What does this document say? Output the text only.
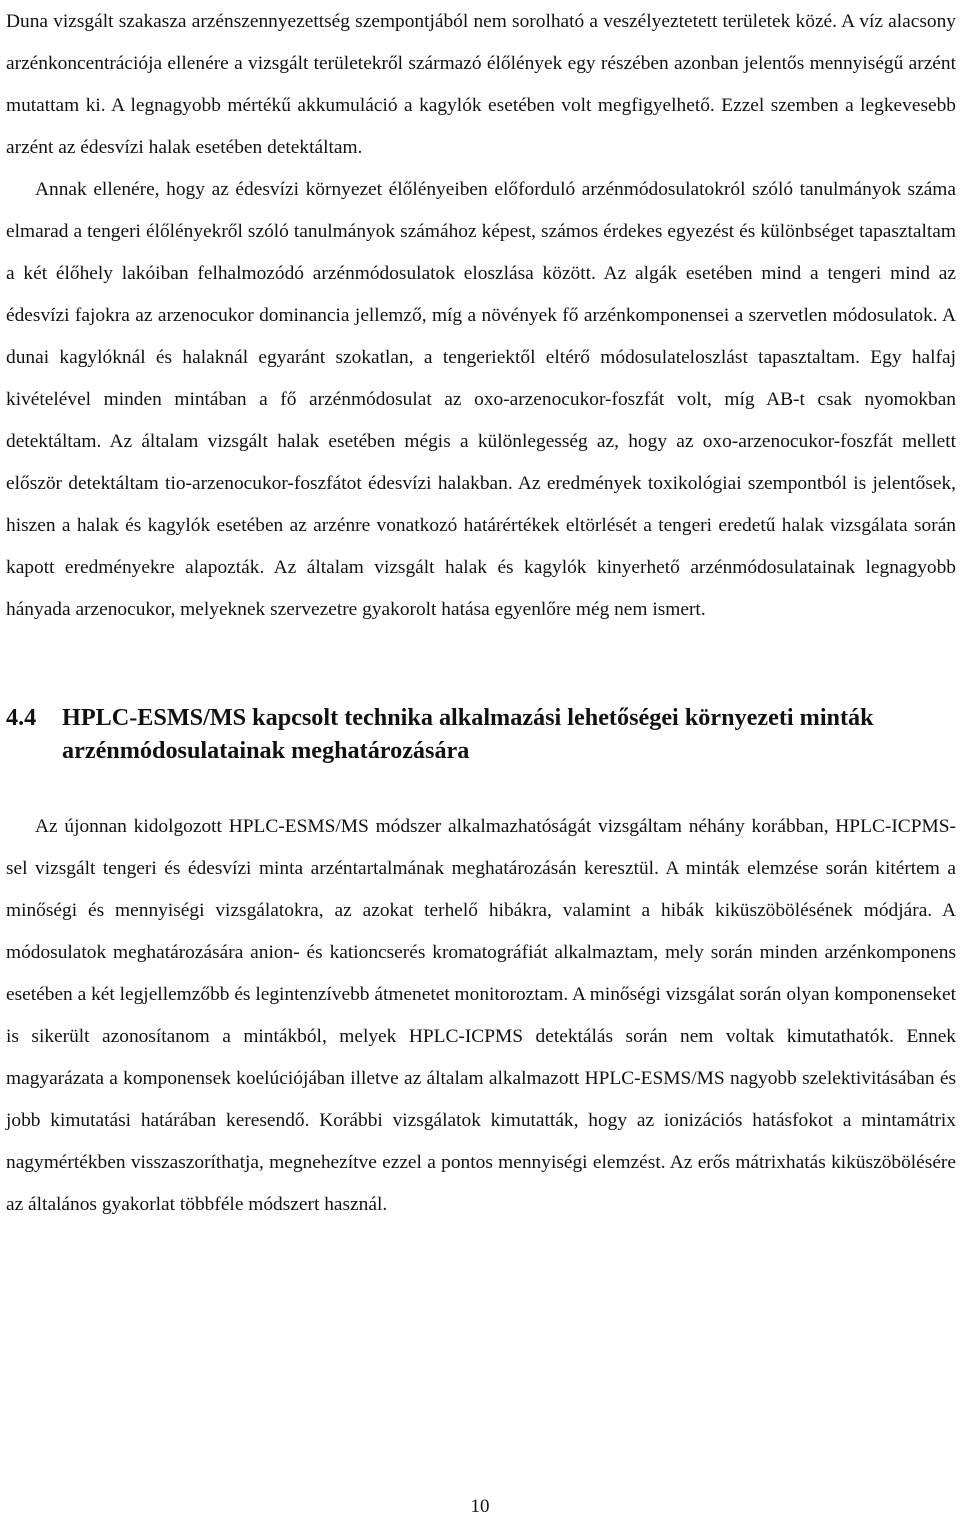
Duna vizsgált szakasza arzénszennyezettség szempontjából nem sorolható a veszélyeztetett területek közé. A víz alacsony arzénkoncentrációja ellenére a vizsgált területekről származó élőlények egy részében azonban jelentős mennyiségű arzént mutattam ki. A legnagyobb mértékű akkumuláció a kagylók esetében volt megfigyelhető. Ezzel szemben a legkevesebb arzént az édesvízi halak esetében detektáltam.

Annak ellenére, hogy az édesvízi környezet élőlényeiben előforduló arzénmódosulatokról szóló tanulmányok száma elmarad a tengeri élőlényekről szóló tanulmányok számához képest, számos érdekes egyezést és különbséget tapasztaltam a két élőhely lakóiban felhalmozódó arzénmódosulatok eloszlása között. Az algák esetében mind a tengeri mind az édesvízi fajokra az arzenocukor dominancia jellemző, míg a növények fő arzénkomponensei a szervetlen módosulatok. A dunai kagylóknál és halaknál egyaránt szokatlan, a tengeriektől eltérő módosulateloszlást tapasztaltam. Egy halfaj kivételével minden mintában a fő arzénmódosulat az oxo-arzenocukor-foszfát volt, míg AB-t csak nyomokban detektáltam. Az általam vizsgált halak esetében mégis a különlegesség az, hogy az oxo-arzenocukor-foszfát mellett először detektáltam tio-arzenocukor-foszfátot édesvízi halakban. Az eredmények toxikológiai szempontból is jelentősek, hiszen a halak és kagylók esetében az arzénre vonatkozó határértékek eltörlését a tengeri eredetű halak vizsgálata során kapott eredményekre alapozták. Az általam vizsgált halak és kagylók kinyerhető arzénmódosulatainak legnagyobb hányada arzenocukor, melyeknek szervezetre gyakorolt hatása egyenlőre még nem ismert.

4.4	HPLC-ESMS/MS kapcsolt technika alkalmazási lehetőségei környezeti minták arzénmódosulatainak meghatározására

Az újonnan kidolgozott HPLC-ESMS/MS módszer alkalmazhatóságát vizsgáltam néhány korábban, HPLC-ICPMS-sel vizsgált tengeri és édesvízi minta arzéntartalmának meghatározásán keresztül. A minták elemzése során kitértem a minőségi és mennyiségi vizsgálatokra, az azokat terhelő hibákra, valamint a hibák kiküszöbölésének módjára. A módosulatok meghatározására anion- és kationcserés kromatográfiát alkalmaztam, mely során minden arzénkomponens esetében a két legjellemzőbb és legintenzívebb átmenetet monitoroztam. A minőségi vizsgálat során olyan komponenseket is sikerült azonosítanom a mintákból, melyek HPLC-ICPMS detektálás során nem voltak kimutathatók. Ennek magyarázata a komponensek koelúciójában illetve az általam alkalmazott HPLC-ESMS/MS nagyobb szelektivitásában és jobb kimutatási határában keresendő. Korábbi vizsgálatok kimutatták, hogy az ionizációs hatásfokot a mintamátrix nagymértékben visszaszoríthatja, megnehezítve ezzel a pontos mennyiségi elemzést. Az erős mátrixhatás kiküszöbölésére az általános gyakorlat többféle módszert használ.

10
